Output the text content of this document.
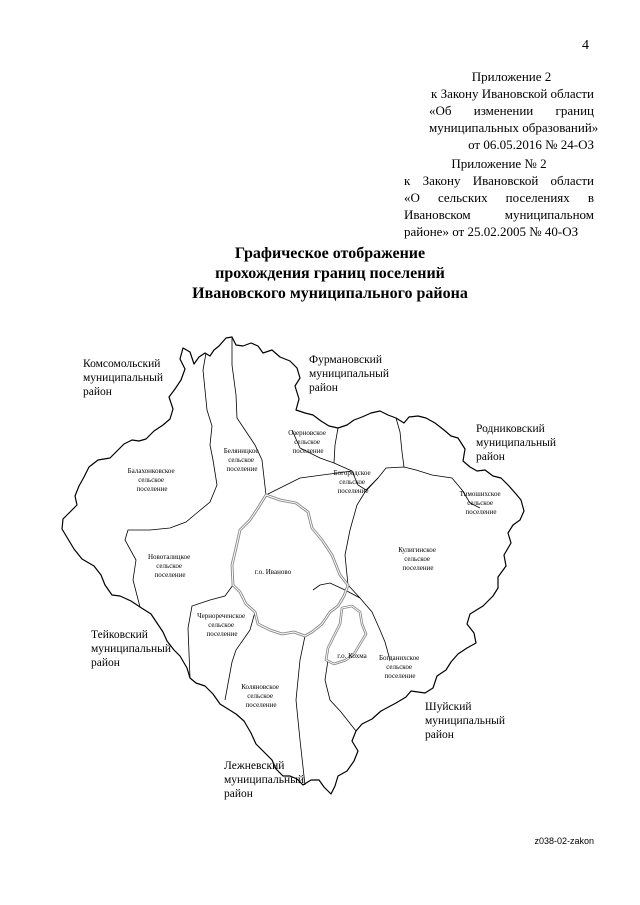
4
Приложение 2
к Закону Ивановской области
«Об изменении границ
муниципальных образований»
от 06.05.2016 № 24-ОЗ
Приложение № 2
к Закону Ивановской области
«О сельских поселениях в
Ивановском муниципальном
районе» от 25.02.2005 № 40-ОЗ
Графическое отображение
прохождения границ поселений
Ивановского муниципального района
Комсомольский муниципальный район
Фурмановский муниципальный район
Родниковский муниципальный район
Тейковский муниципальный район
Шуйский муниципальный район
Лежневский муниципальный район
Балахонковское сельское поселение
Беляницкое сельское поселение
Озерновское сельское поселение
Богородское сельское поселение	Тимошихское сельское поселение
Новоталицкое сельское поселение
Кулигинское сельское поселение
Чернореченское сельское поселение
Богданихское сельское поселение
Коляновское сельское поселение
г.о. Иваново
г.о. Кохма
z038-02-zakon
